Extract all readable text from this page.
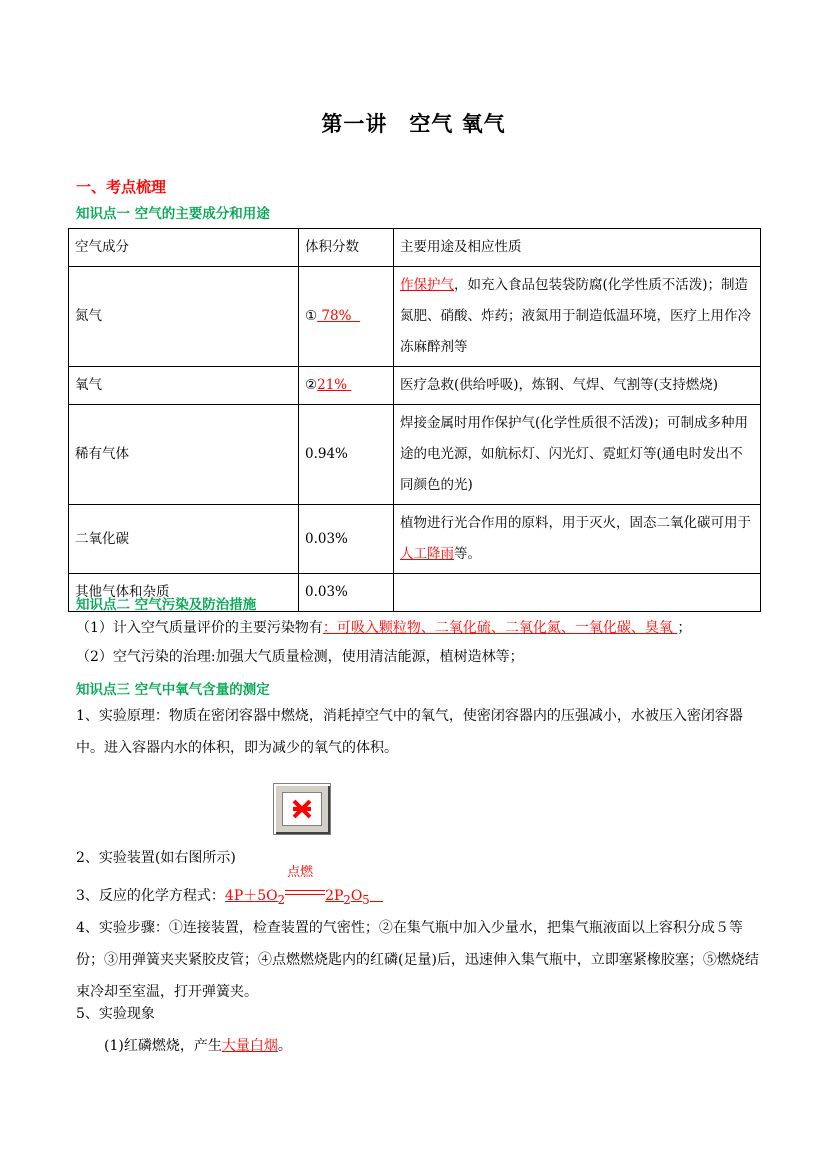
第一讲　空气 氧气
一、考点梳理
知识点一 空气的主要成分和用途
空气成分	体积分数	主要用途及相应性质
氮气	① 78%	作保护气，如充入食品包装袋防腐(化学性质不活泼)；制造氮肥、硝酸、炸药；液氮用于制造低温环境，医疗上用作冷冻麻醉剂等
氧气	②21%	医疗急救(供给呼吸)，炼钢、气焊、气割等(支持燃烧)
稀有气体	0.94%	焊接金属时用作保护气(化学性质很不活泼)；可制成多种用途的电光源，如航标灯、闪光灯、霓虹灯等(通电时发出不同颜色的光)
二氧化碳	0.03%	植物进行光合作用的原料，用于灭火，固态二氧化碳可用于人工降雨等。
其他气体和杂质	0.03%	
知识点二 空气污染及防治措施
（1）计入空气质量评价的主要污染物有：可吸入颗粒物、二氧化硫、二氧化氮、一氧化碳、臭氧 ；
（2）空气污染的治理:加强大气质量检测，使用清洁能源，植树造林等；
知识点三 空气中氧气含量的测定
1、实验原理：物质在密闭容器中燃烧，消耗掉空气中的氧气，使密闭容器内的压强减小，水被压入密闭容器中。进入容器内水的体积，即为减少的氧气的体积。
2、实验装置(如右图所示)
3、反应的化学方程式：$4P+5O_2$
点燃
$2P_2O_5$
4、实验步骤：①连接装置，检查装置的气密性；②在集气瓶中加入少量水，把集气瓶液面以上容积分成５等份；③用弹簧夹夹紧胶皮管；④点燃燃烧匙内的红磷(足量)后，迅速伸入集气瓶中，立即塞紧橡胶塞；⑤燃烧结束冷却至室温，打开弹簧夹。
5、实验现象
(1)红磷燃烧，产生大量白烟。
